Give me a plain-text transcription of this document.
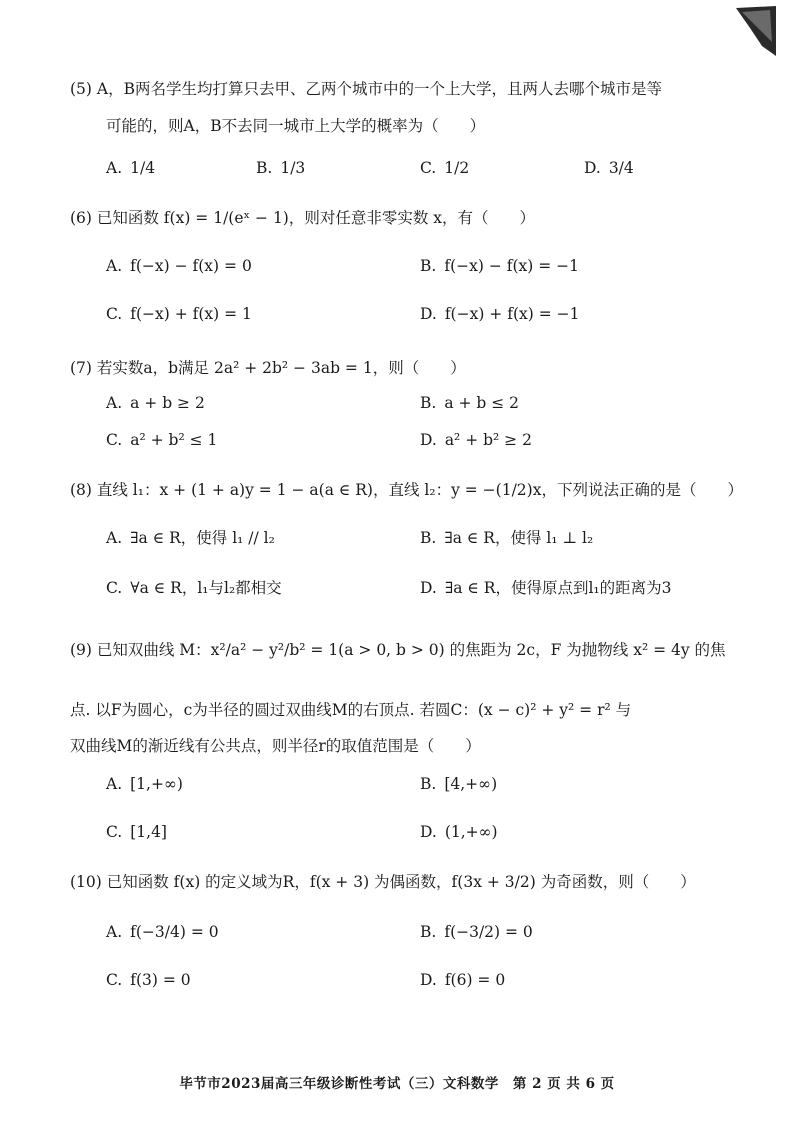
(5) A，B两名学生均打算只去甲、乙两个城市中的一个上大学，且两人去哪个城市是等
可能的，则A，B不去同一城市上大学的概率为（　　）
A. 1/4	B. 1/3	C. 1/2	D. 3/4
(6) 已知函数 f(x) = 1/(eˣ − 1)，则对任意非零实数 x，有（　　）
A. f(−x) − f(x) = 0	B. f(−x) − f(x) = −1
C. f(−x) + f(x) = 1	D. f(−x) + f(x) = −1
(7) 若实数a，b满足 2a² + 2b² − 3ab = 1，则（　　）
A. a + b ≥ 2	B. a + b ≤ 2
C. a² + b² ≤ 1	D. a² + b² ≥ 2
(8) 直线 l₁：x + (1 + a)y = 1 − a(a ∈ R)，直线 l₂：y = −(1/2)x，下列说法正确的是（　　）
A. ∃a ∈ R，使得 l₁ // l₂	B. ∃a ∈ R，使得 l₁ ⊥ l₂
C. ∀a ∈ R，l₁与l₂都相交	D. ∃a ∈ R，使得原点到l₁的距离为3
(9) 已知双曲线 M：x²/a² − y²/b² = 1(a > 0, b > 0) 的焦距为 2c，F 为抛物线 x² = 4y 的焦
点. 以F为圆心，c为半径的圆过双曲线M的右顶点. 若圆C：(x − c)² + y² = r² 与
双曲线M的渐近线有公共点，则半径r的取值范围是（　　）
A. [1,+∞)	B. [4,+∞)
C. [1,4]	D. (1,+∞)
(10) 已知函数 f(x) 的定义域为R，f(x + 3) 为偶函数，f(3x + 3/2) 为奇函数，则（　　）
A. f(−3/4) = 0	B. f(−3/2) = 0
C. f(3) = 0	D. f(6) = 0
毕节市2023届高三年级诊断性考试（三）文科数学　第 2 页 共 6 页
